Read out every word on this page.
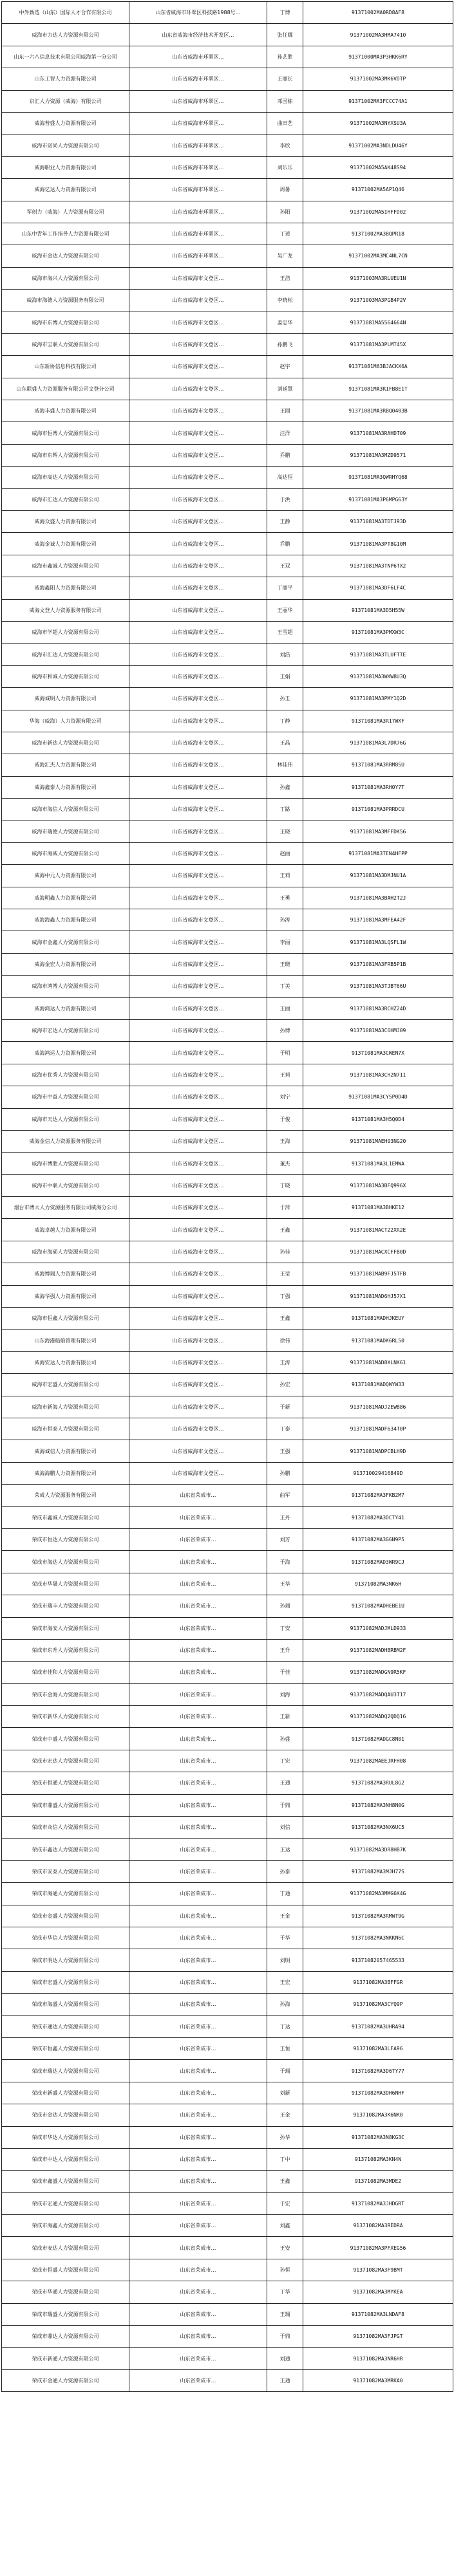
中外甄选（山东）国际人才合作有限公司	山东省威海市环翠区科技路1988号…	丁博	91371002MA0RD8AF8
威海市力达人力资源有限公司	山东省威海市经济技术开发区…	张任娜	91371002MA3HMA7410
山东一六八信息技术有限公司威海第一分公司	山东省威海市环翠区…	孙艺胜	91371000MA3P3HKK6RY
山东工智人力资源有限公司	山东省威海市环翠区…	王丽长	91371002MA3MK6VDTP
京汇人力资源（威海）有限公司	山东省威海市环翠区…	邓国栋	91371002MA3FCCC74A1
威海普盛人力资源有限公司	山东省威海市环翠区…	曲田艺	91371002MA3NYXSU3A
威海市诺尚人力资源有限公司	山东省威海市环翠区…	李欣	91371002MA3NDLDU46Y
威海职业人力资源有限公司	山东省威海市环翠区…	刘乐乐	91371002MA5AK48S94
威海亿达人力资源有限公司	山东省威海市环翠区…	周暑	91371002MA5AP1Q46
军创力（威海）人力资源有限公司	山东省威海市环翠区…	孙阳	91371002MA5IHFFD02
山东中青年工作指导人力资源有限公司	山东省威海市环翠区…	丁逍	91371002MA3BQPR18
威海市金达人力资源有限公司	山东省威海市环翠区…	吴广龙	91371002MA3MC4NL7CN
威海市海兴人力资源有限公司	山东省威海市文登区…	王浩	91371003MA3RLUEU1N
威海市海德人力资源服务有限公司	山东省威海市文登区…	李晓松	91371003MA3PGB4P2V
威海市东博人力资源有限公司	山东省威海市文登区…	姜忠华	91371081MA5564664N
威海市宝联人力资源有限公司	山东省威海市文登区…	孙鹏飞	91371081MA3PLMT45X
山东新协信息科技有限公司	山东省威海市文登区…	赵宇	91371081MA3BJACKX6A
山东联盛人力资源服务有限公司文登分公司	山东省威海市文登区…	刘延慧	91371081MA3R1FB8E1T
威海丰盛人力资源有限公司	山东省威海市文登区…	王丽	91371081MA3RBQ0403B
威海市恒博人力资源有限公司	山东省威海市文登区…	汪洋	91371081MA3RAHDT09
威海市东辉人力资源有限公司	山东省威海市文登区…	乔鹏	91371081MA3MZD9571
威海市高达人力资源有限公司	山东省威海市文登区…	高达恒	91371081MA3QWRHYQ68
威海市汇达人力资源有限公司	山东省威海市文登区…	于洪	91371081MA3P6MPG63Y
威海众盛人力资源有限公司	山东省威海市文登区…	王静	91371081MA3TDTJ93D
威海金诚人力资源有限公司	山东省威海市文登区…	乔鹏	91371081MA3PT8G10M
威海市鑫诚人力资源有限公司	山东省威海市文登区…	王双	91371081MA3TNP6TX2
威海鑫阳人力资源有限公司	山东省威海市文登区…	丁丽平	91371081MA3DF6LF4C
威海文登人力资源服务有限公司	山东省威海市文登区…	王丽华	91371081MA3D5H55W
威海市学超人力资源有限公司	山东省威海市文登区…	王雪超	91371081MA3PMXW3C
威海市汇达人力资源有限公司	山东省威海市文登区…	刘浩	91371081MA3TLUFTTE
威海市和诚人力资源有限公司	山东省威海市文登区…	王娟	91371081MA3WKW8U3Q
威海诚明人力资源有限公司	山东省威海市文登区…	孙玉	91371081MA3PMY1Q2D
华海（威海）人力资源有限公司	山东省威海市文登区…	丁静	91371081MA3R17WXF
威海市新达人力资源有限公司	山东省威海市文登区…	王晶	91371081MA3L7DR76G
威海汇杰人力资源有限公司	山东省威海市文登区…	林佳伟	91371081MA3RRM8SU
威海鑫泰人力资源有限公司	山东省威海市文登区…	孙鑫	91371081MA3RH0Y7T
威海市海信人力资源有限公司	山东省威海市文登区…	丁路	91371081MA3PRRDCU
威海市瑞德人力资源有限公司	山东省威海市文登区…	王晓	91371081MA3MFFDK56
威海市海威人力资源有限公司	山东省威海市文登区…	赵丽	91371081MA3TEN4HFPP
威海中元人力资源有限公司	山东省威海市文登区…	王莉	91371081MA3DMJNU1A
威海明鑫人力资源有限公司	山东省威海市文登区…	王勇	91371081MA3BAH2T2J
威海海鑫人力资源有限公司	山东省威海市文登区…	孙涛	91371081MA3MFEA42F
威海市金鑫人力资源有限公司	山东省威海市文登区…	李丽	91371081MA3LQSFL1W
威海金宏人力资源有限公司	山东省威海市文登区…	王晓	91371081MA3FRB5P1B
威海市鸿博人力资源有限公司	山东省威海市文登区…	丁美	91371081MA3TJBT66U
威海鸿达人力资源有限公司	山东省威海市文登区…	王丽	91371081MA3RCHZ24D
威海市宏达人力资源有限公司	山东省威海市文登区…	孙博	91371081MA3C6HMJ09
威海鸿运人力资源有限公司	山东省威海市文登区…	于明	91371081MA3CWEN7X
威海市优秀人力资源有限公司	山东省威海市文登区…	王莉	91371081MA3CH2N711
威海市中益人力资源有限公司	山东省威海市文登区…	刘宁	91371081MA3CYSP0D4D
威海市天达人力资源有限公司	山东省威海市文登区…	于俊	91371081MA3H5Q0D4
威海金信人力资源服务有限公司	山东省威海市文登区…	王海	91371081MAEH03NG20
威海市博胜人力资源有限公司	山东省威海市文登区…	董杰	91371081MA3L1EMWA
威海市中联人力资源有限公司	山东省威海市文登区…	丁晓	91371081MA3BFQ996X
烟台市博大人力资源服务有限公司威海分公司	山东省威海市文登区…	于萍	91371081MA3BHKE12
威海卓越人力资源有限公司	山东省威海市文登区…	王鑫	91371081MACT22XR2E
威海市海硕人力资源有限公司	山东省威海市文登区…	孙佳	91371081MACXCFFB0D
威海博瑞人力资源有限公司	山东省威海市文登区…	王莹	91371081MAB9FJ5TFB
威海华强人力资源有限公司	山东省威海市文登区…	丁强	91371081MAD6HJ57X1
威海市恒鑫人力资源有限公司	山东省威海市文登区…	王鑫	91371081MADHJKEUY
山东海港船舶管理有限公司	山东省威海市文登区…	徐伟	91371081MADK6RL50
威海安达人力资源有限公司	山东省威海市文登区…	王涛	91371081MAD8XLNK61
威海市宏盛人力资源有限公司	山东省威海市文登区…	孙宏	91371081MADQWYW33
威海市新海人力资源有限公司	山东省威海市文登区…	于新	91371081MADJ2EWB86
威海市恒泰人力资源有限公司	山东省威海市文登区…	丁泰	91371081MADF634T0P
威海诚信人力资源有限公司	山东省威海市文登区…	王强	91371081MADPCBLH9D
威海海鹏人力资源有限公司	山东省威海市文登区…	孙鹏	913710029416849D
荣成人力资源服务有限公司	山东省荣成市…	曲军	91371082MA3FKB2M7
荣成市鑫诚人力资源有限公司	山东省荣成市…	王丹	91371082MA3DCTY41
荣成市恒达人力资源有限公司	山东省荣成市…	刘芳	91371082MA3G6N9P5
荣成市海达人力资源有限公司	山东省荣成市…	于海	91371082MAD3WR9CJ
荣成市华晟人力资源有限公司	山东省荣成市…	王华	91371082MA3NK6H
荣成市瑞丰人力资源有限公司	山东省荣成市…	孙瑞	91371082MADHEBE1U
荣成市海安人力资源有限公司	山东省荣成市…	丁安	91371082MADJMLD933
荣成市东升人力资源有限公司	山东省荣成市…	王升	91371082MADHBRBM2F
荣成市佳和人力资源有限公司	山东省荣成市…	于佳	91371082MADGN9R5KF
荣成市金海人力资源有限公司	山东省荣成市…	刘海	91371082MADQAU3T17
荣成市新华人力资源有限公司	山东省荣成市…	王新	91371082MADQ2QDQ16
荣成市中盛人力资源有限公司	山东省荣成市…	孙盛	91371082MADGC8N01
荣成市宏达人力资源有限公司	山东省荣成市…	丁宏	91371082MAEEJRFH08
荣成市恒通人力资源有限公司	山东省荣成市…	王通	91371082MA3RUL8G2
荣成市鼎盛人力资源有限公司	山东省荣成市…	于鼎	91371082MA3NH8N0G
荣成市众信人力资源有限公司	山东省荣成市…	刘信	91371082MA3NX6UC5
荣成市鑫达人力资源有限公司	山东省荣成市…	王达	91371082MA3DR8HB7K
荣成市安泰人力资源有限公司	山东省荣成市…	孙泰	91371082MA3MJH77S
荣成市海通人力资源有限公司	山东省荣成市…	丁通	91371082MA3MMG6K4G
荣成市金盛人力资源有限公司	山东省荣成市…	王金	91371082MA3RMWT9G
荣成市华信人力资源有限公司	山东省荣成市…	于华	91371082MA3NKKN6C
荣成市明达人力资源有限公司	山东省荣成市…	刘明	91371082057465533
荣成市宏盛人力资源有限公司	山东省荣成市…	王宏	91371082MA3BFFGR
荣成市海盛人力资源有限公司	山东省荣成市…	孙海	91371082MA3CYQ9P
荣成市通达人力资源有限公司	山东省荣成市…	丁达	91371082MA3UHRA94
荣成市恒鑫人力资源有限公司	山东省荣成市…	王恒	91371082MA3LFA96
荣成市瑞达人力资源有限公司	山东省荣成市…	于瑞	91371082MA3D6TY77
荣成市新盛人力资源有限公司	山东省荣成市…	刘新	91371082MA3DH6NHF
荣成市金达人力资源有限公司	山东省荣成市…	王金	91371082MA3K6NK0
荣成市华达人力资源有限公司	山东省荣成市…	孙华	91371082MA3N8KG3C
荣成市中达人力资源有限公司	山东省荣成市…	丁中	91371082MA3KN4N
荣成市鑫盛人力资源有限公司	山东省荣成市…	王鑫	91371082MA3MDE2
荣成市宏通人力资源有限公司	山东省荣成市…	于宏	91371082MA3JHDGRT
荣成市海鑫人力资源有限公司	山东省荣成市…	刘鑫	91371082MA3REDRA
荣成市安达人力资源有限公司	山东省荣成市…	王安	91371082MA3PFXEG56
荣成市恒盛人力资源有限公司	山东省荣成市…	孙恒	91371082MA3F9BMT
荣成市华通人力资源有限公司	山东省荣成市…	丁华	91371082MA3MYKEA
荣成市瑞盛人力资源有限公司	山东省荣成市…	王瑞	91371082MA3LNDAF8
荣成市鼎达人力资源有限公司	山东省荣成市…	于鼎	91371082MA3FJPGT
荣成市新通人力资源有限公司	山东省荣成市…	刘通	91371082MA3NR6HR
荣成市金通人力资源有限公司	山东省荣成市…	王通	91371082MA3MRKA0
